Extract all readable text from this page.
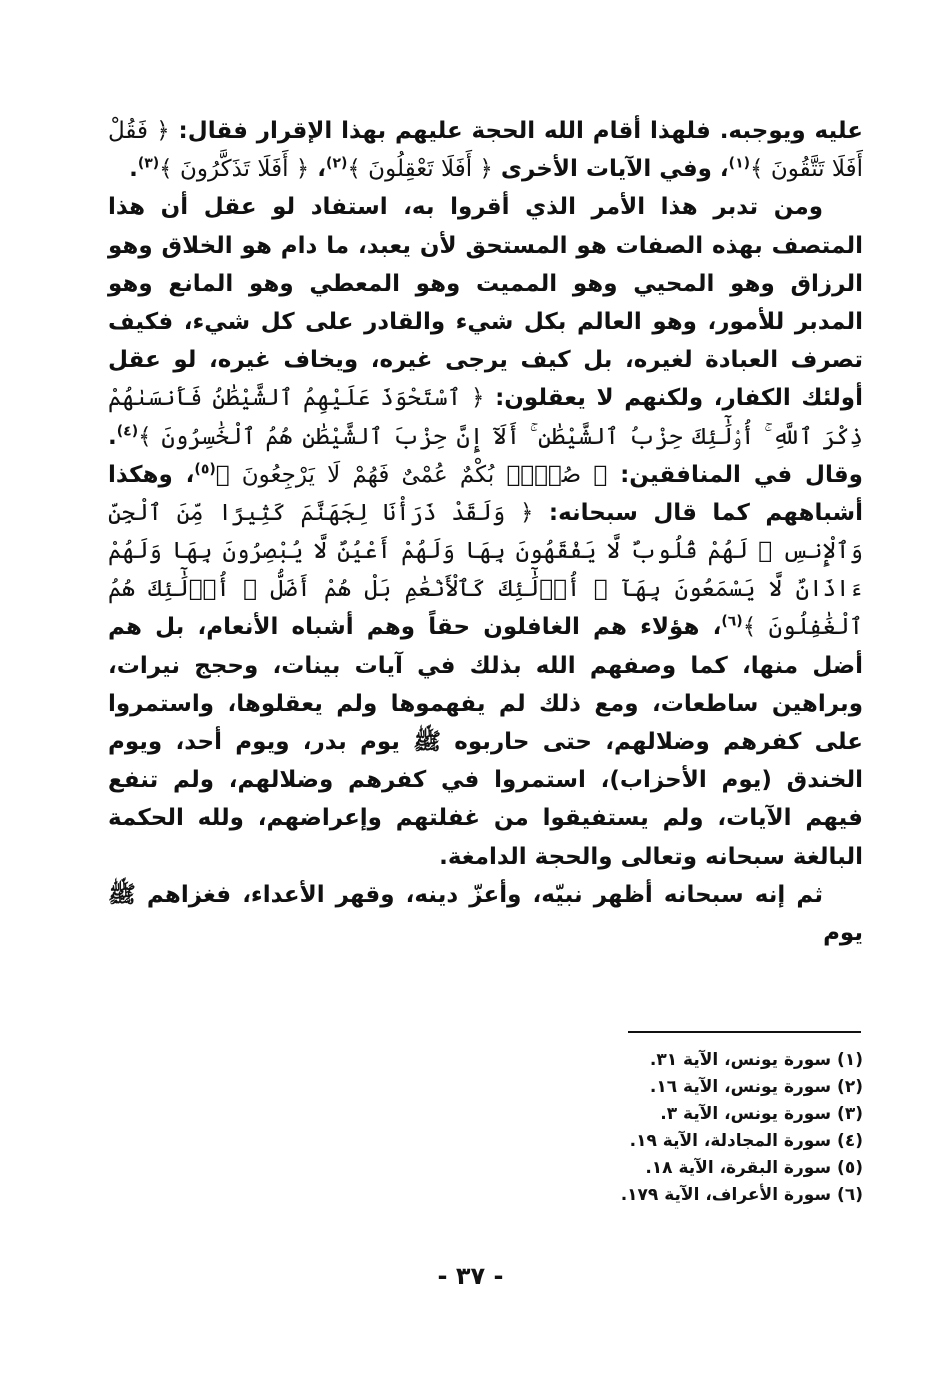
عليه ويوجبه. فلهذا أقام الله الحجة عليهم بهذا الإقرار فقال: ﴿ فَقُلْ أَفَلَا تَتَّقُونَ ﴾$^{(١)}$، وفي الآيات الأخرى ﴿ أَفَلَا تَعْقِلُونَ ﴾$^{(٢)}$، ﴿ أَفَلَا تَذَكَّرُونَ ﴾$^{(٣)}$.

ومن تدبر هذا الأمر الذي أقروا به، استفاد لو عقل أن هذا المتصف بهذه الصفات هو المستحق لأن يعبد، ما دام هو الخلاق وهو الرزاق وهو المحيي وهو المميت وهو المعطي وهو المانع وهو المدبر للأمور، وهو العالم بكل شيء والقادر على كل شيء، فكيف تصرف العبادة لغيره، بل كيف يرجى غيره، ويخاف غيره، لو عقل أولئك الكفار، ولكنهم لا يعقلون: ﴿ ٱسْتَحْوَذَ عَلَيْهِمُ ٱلشَّيْطَٰنُ فَأَنسَىٰهُمْ ذِكْرَ ٱللَّهِ ۚ أُو۟لَٰٓئِكَ حِزْبُ ٱلشَّيْطَٰنِ ۚ أَلَآ إِنَّ حِزْبَ ٱلشَّيْطَٰنِ هُمُ ٱلْخَٰسِرُونَ ﴾$^{(٤)}$. وقال في المنافقين: ﴿ صُمٌّۢ بُكْمٌ عُمْىٌ فَهُمْ لَا يَرْجِعُونَ ﴾$^{(٥)}$، وهكذا أشباههم كما قال سبحانه: ﴿ وَلَقَدْ ذَرَأْنَا لِجَهَنَّمَ كَثِيرًا مِّنَ ٱلْجِنِّ وَٱلْإِنسِ ۖ لَهُمْ قُلُوبٌ لَّا يَفْقَهُونَ بِهَا وَلَهُمْ أَعْيُنٌ لَّا يُبْصِرُونَ بِهَا وَلَهُمْ ءَاذَانٌ لَّا يَسْمَعُونَ بِهَآ ۚ أُو۟لَٰٓئِكَ كَٱلْأَنْعَٰمِ بَلْ هُمْ أَضَلُّ ۚ أُو۟لَٰٓئِكَ هُمُ ٱلْغَٰفِلُونَ ﴾$^{(٦)}$، هؤلاء هم الغافلون حقاً وهم أشباه الأنعام، بل هم أضل منها، كما وصفهم الله بذلك في آيات بينات، وحجج نيرات، وبراهين ساطعات، ومع ذلك لم يفهموها ولم يعقلوها، واستمروا على كفرهم وضلالهم، حتى حاربوه ﷺ يوم بدر، ويوم أحد، ويوم الخندق (يوم الأحزاب)، استمروا في كفرهم وضلالهم، ولم تنفع فيهم الآيات، ولم يستفيقوا من غفلتهم وإعراضهم، ولله الحكمة البالغة سبحانه وتعالى والحجة الدامغة.

ثم إنه سبحانه أظهر نبيّه، وأعزّ دينه، وقهر الأعداء، فغزاهم ﷺ يوم

(١) سورة يونس، الآية ٣١.
(٢) سورة يونس، الآية ١٦.
(٣) سورة يونس، الآية ٣.
(٤) سورة المجادلة، الآية ١٩.
(٥) سورة البقرة، الآية ١٨.
(٦) سورة الأعراف، الآية ١٧٩.
- ٣٧ -
